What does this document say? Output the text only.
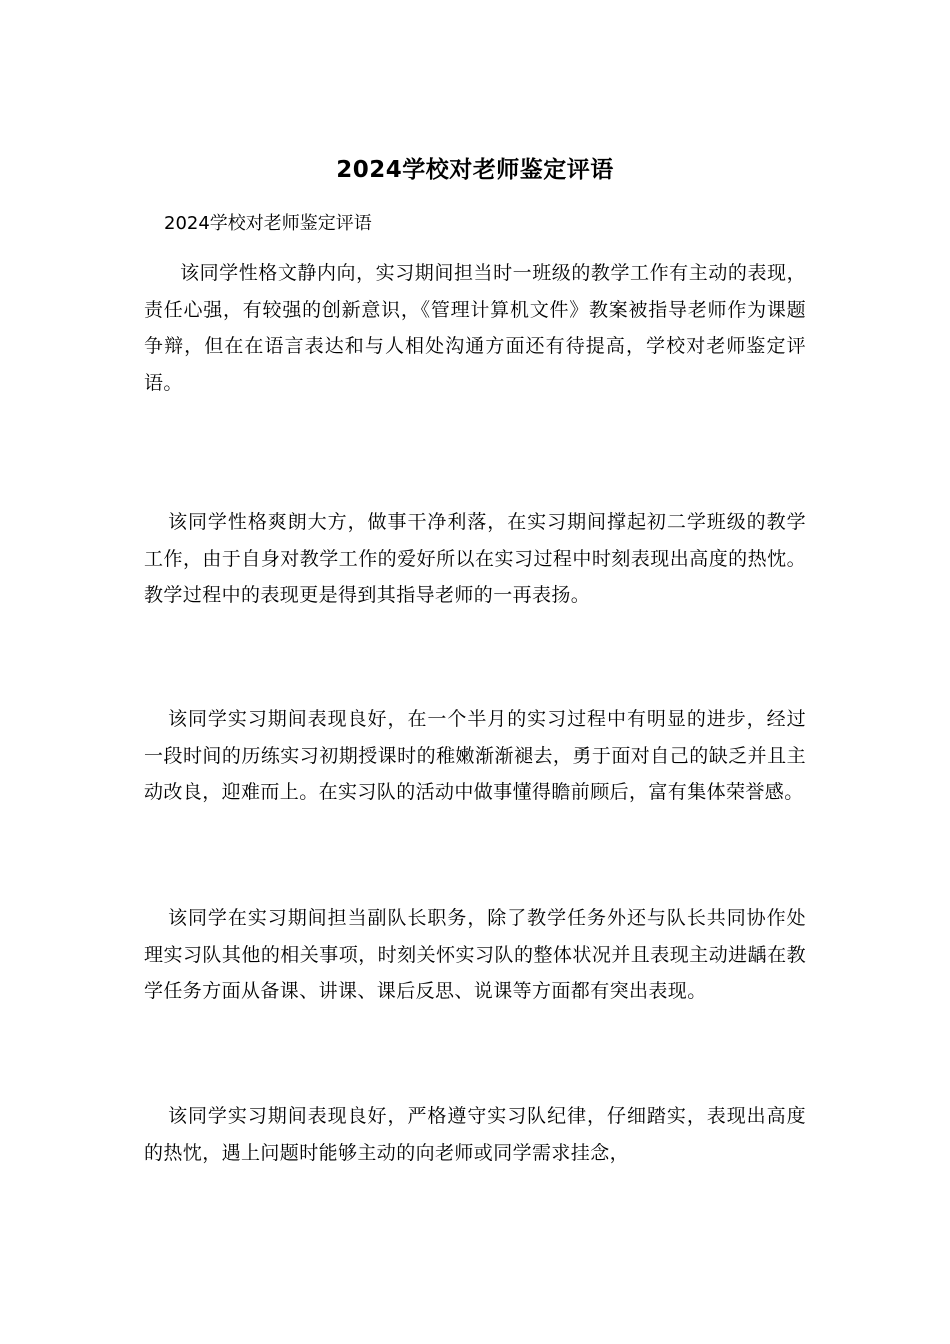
2024学校对老师鉴定评语
2024学校对老师鉴定评语
该同学性格文静内向，实习期间担当时一班级的教学工作有主动的表现，责任心强，有较强的创新意识，《管理计算机文件》教案被指导老师作为课题争辩，但在在语言表达和与人相处沟通方面还有待提高，学校对老师鉴定评语。
该同学性格爽朗大方，做事干净利落，在实习期间撑起初二学班级的教学工作，由于自身对教学工作的爱好所以在实习过程中时刻表现出高度的热忱。教学过程中的表现更是得到其指导老师的一再表扬。
该同学实习期间表现良好，在一个半月的实习过程中有明显的进步，经过一段时间的历练实习初期授课时的稚嫩渐渐褪去，勇于面对自己的缺乏并且主动改良，迎难而上。在实习队的活动中做事懂得瞻前顾后，富有集体荣誉感。
该同学在实习期间担当副队长职务，除了教学任务外还与队长共同协作处理实习队其他的相关事项，时刻关怀实习队的整体状况并且表现主动进龋在教学任务方面从备课、讲课、课后反思、说课等方面都有突出表现。
该同学实习期间表现良好，严格遵守实习队纪律，仔细踏实，表现出高度的热忱，遇上问题时能够主动的向老师或同学需求挂念，
